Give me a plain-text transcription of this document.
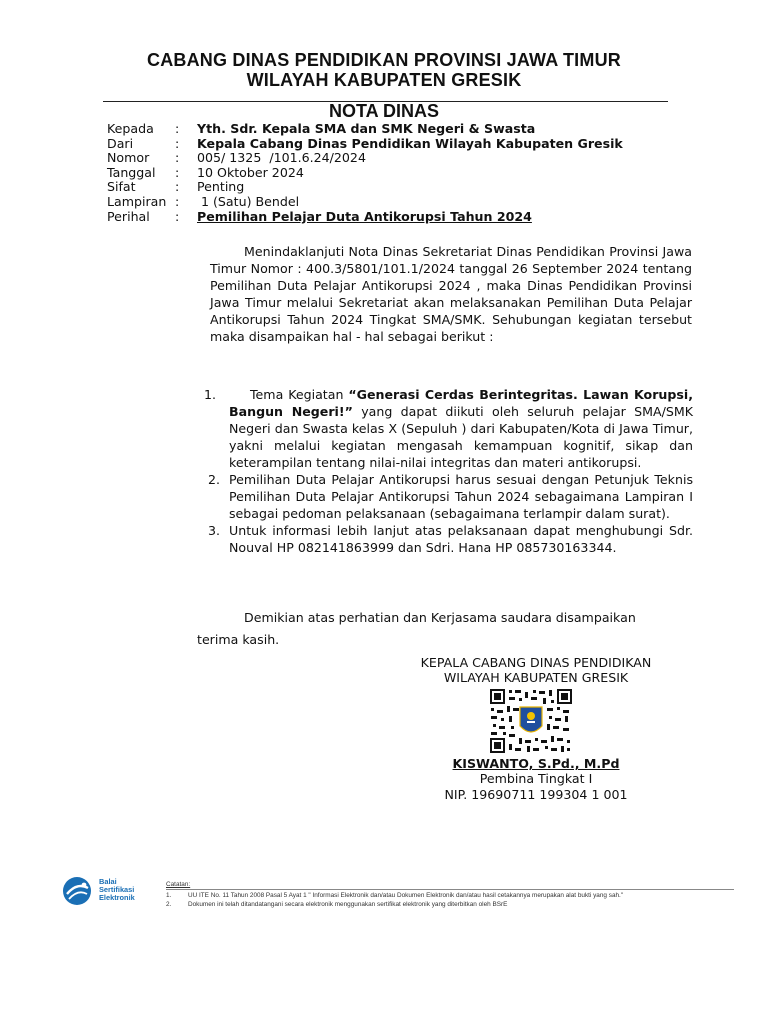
CABANG DINAS PENDIDIKAN PROVINSI JAWA TIMUR
WILAYAH KABUPATEN GRESIK
NOTA DINAS
Kepada	:	Yth. Sdr. Kepala SMA dan SMK Negeri & Swasta
Dari	:	Kepala Cabang Dinas Pendidikan Wilayah Kabupaten Gresik
Nomor	:	005/ 1325  /101.6.24/2024
Tanggal	:	10 Oktober 2024
Sifat	:	Penting
Lampiran :	1 (Satu) Bendel
Perihal	:	Pemilihan Pelajar Duta Antikorupsi Tahun 2024
Menindaklanjuti Nota Dinas Sekretariat Dinas Pendidikan Provinsi Jawa Timur Nomor : 400.3/5801/101.1/2024 tanggal 26 September 2024 tentang Pemilihan Duta Pelajar Antikorupsi 2024 , maka Dinas Pendidikan Provinsi Jawa Timur melalui Sekretariat akan melaksanakan Pemilihan Duta Pelajar Antikorupsi Tahun 2024 Tingkat SMA/SMK. Sehubungan kegiatan tersebut maka disampaikan hal - hal sebagai berikut :
1.	Tema Kegiatan “Generasi Cerdas Berintegritas. Lawan Korupsi, Bangun Negeri!” yang dapat diikuti oleh seluruh pelajar SMA/SMK Negeri dan Swasta kelas X (Sepuluh ) dari Kabupaten/Kota di Jawa Timur, yakni melalui kegiatan mengasah kemampuan kognitif, sikap dan keterampilan tentang nilai-nilai integritas dan materi antikorupsi.
2. Pemilihan Duta Pelajar Antikorupsi harus sesuai dengan Petunjuk Teknis Pemilihan Duta Pelajar Antikorupsi Tahun 2024 sebagaimana Lampiran I sebagai pedoman pelaksanaan (sebagaimana terlampir dalam surat).
3. Untuk informasi lebih lanjut atas pelaksanaan dapat menghubungi Sdr. Nouval HP 082141863999 dan Sdri. Hana HP 085730163344.
Demikian atas perhatian dan Kerjasama saudara disampaikan
terima kasih.
KEPALA CABANG DINAS PENDIDIKAN
WILAYAH KABUPATEN GRESIK
KISWANTO, S.Pd., M.Pd
Pembina Tingkat I
NIP. 19690711 199304 1 001
Balai
Sertifikasi
Elektronik
Catatan:
1.	UU ITE No. 11 Tahun 2008 Pasal 5 Ayat 1 " Informasi Elektronik dan/atau Dokumen Elektronik dan/atau hasil cetakannya merupakan alat bukti yang sah."
2.	Dokumen ini telah ditandatangani secara elektronik menggunakan sertifikat elektronik yang diterbitkan oleh BSrE
